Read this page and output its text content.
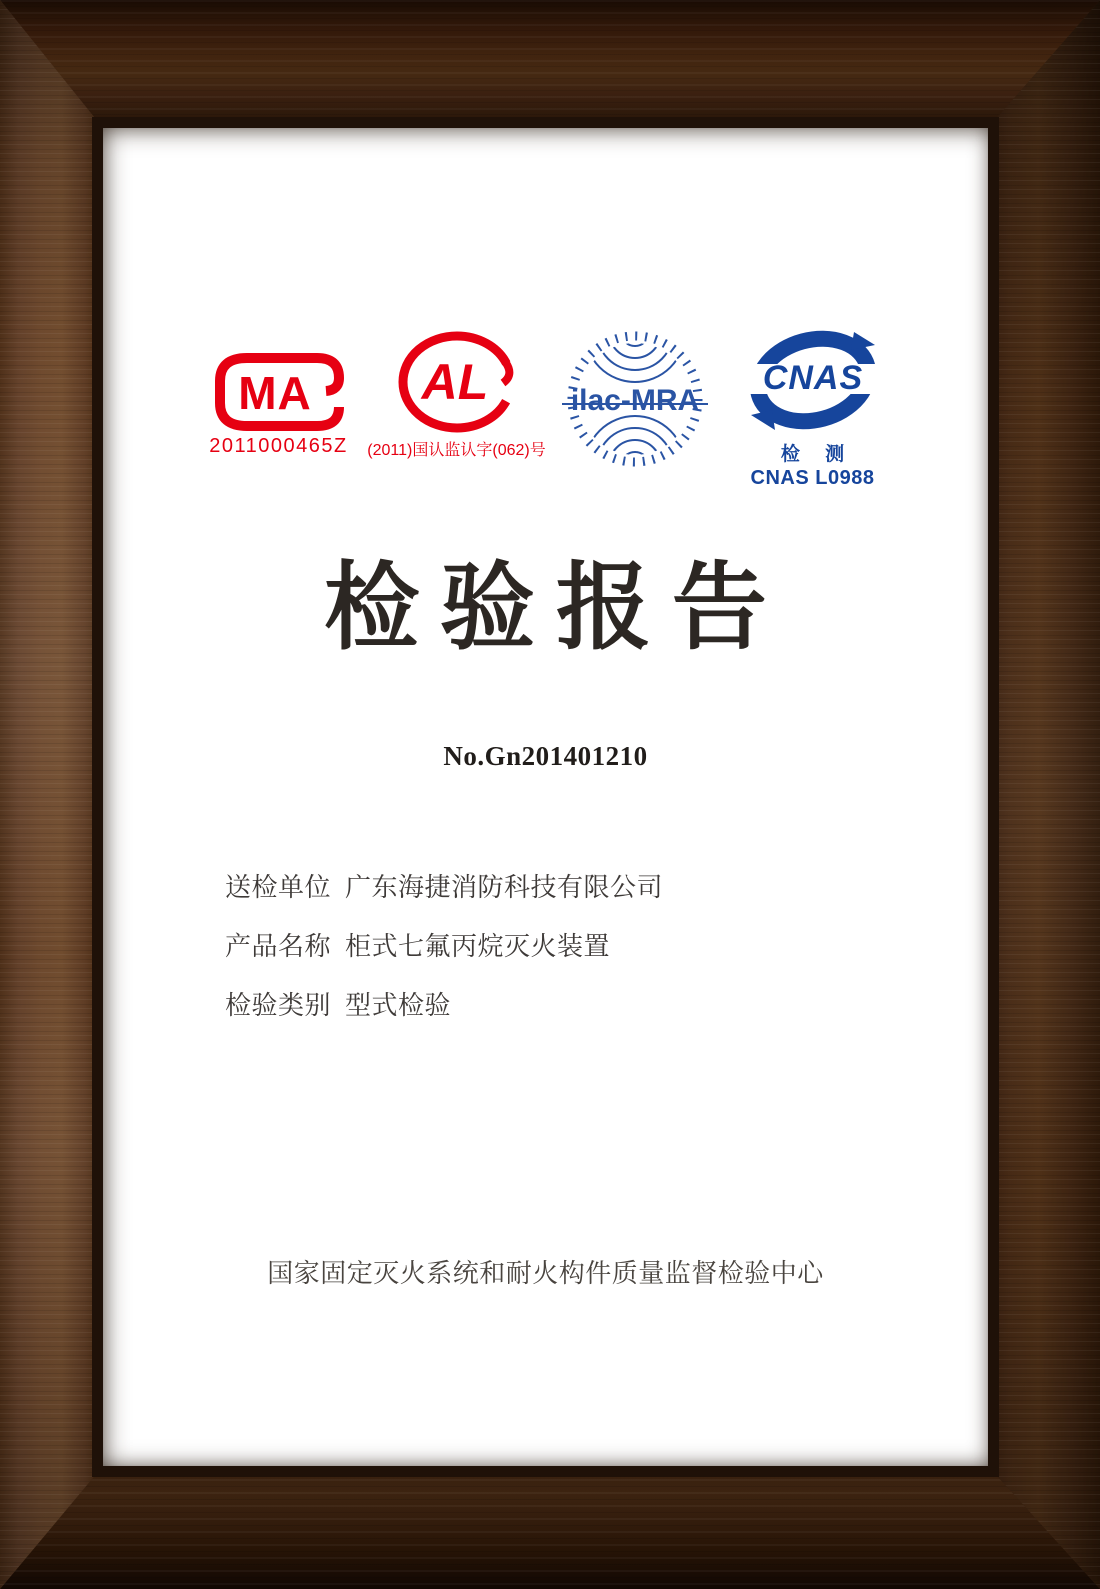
MA
2011000465Z
AL
(2011)国认监认字(062)号
ilac-MRA
CNAS
检 测
CNAS L0988
检验报告
No.Gn201401210
送检单位 广东海捷消防科技有限公司
产品名称 柜式七氟丙烷灭火装置
检验类别 型式检验
国家固定灭火系统和耐火构件质量监督检验中心
